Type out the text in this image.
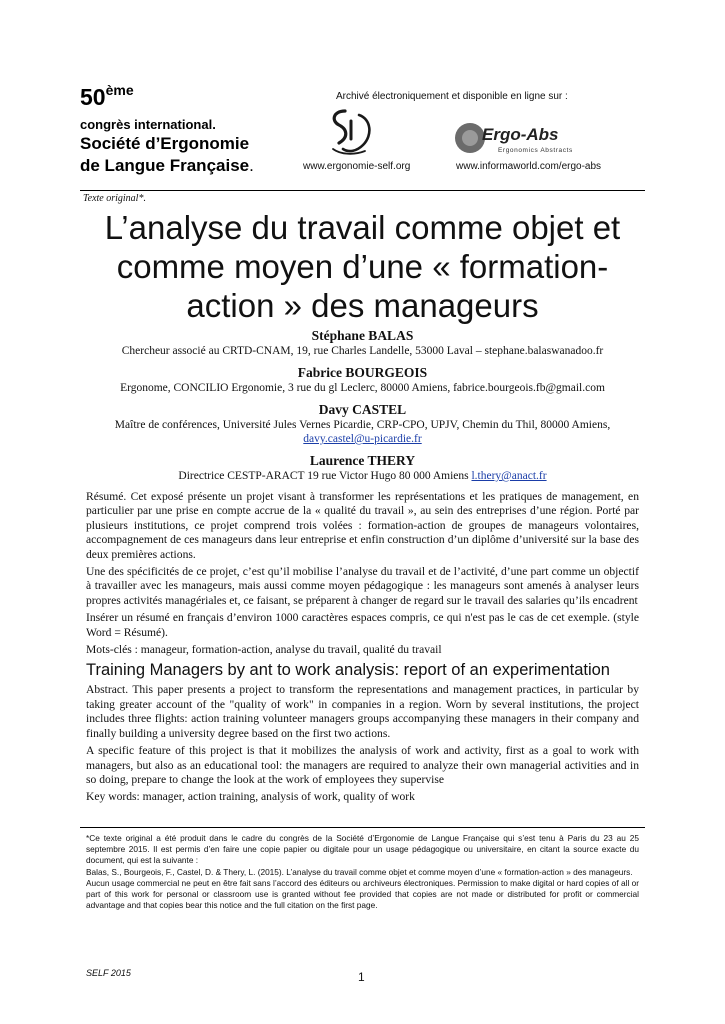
50ème
congrès international.
Société d’Ergonomie
de Langue Française.
Archivé électroniquement et disponible en ligne sur :
Ergo-Abs
Ergonomics Abstracts
www.ergonomie-self.org	www.informaworld.com/ergo-abs
Texte original*.
L’analyse du travail comme objet et comme moyen d’une « formation-action » des manageurs
Stéphane BALAS
Chercheur associé au CRTD-CNAM, 19, rue Charles Landelle, 53000 Laval – stephane.balaswanadoo.fr
Fabrice BOURGEOIS
Ergonome, CONCILIO Ergonomie, 3 rue du gl Leclerc, 80000 Amiens, fabrice.bourgeois.fb@gmail.com
Davy CASTEL
Maître de conférences, Université Jules Vernes Picardie, CRP-CPO, UPJV, Chemin du Thil, 80000 Amiens,
davy.castel@u-picardie.fr
Laurence THERY
Directrice CESTP-ARACT 19 rue Victor Hugo 80 000 Amiens l.thery@anact.fr

Résumé. Cet exposé présente un projet visant à transformer les représentations et les pratiques de management, en particulier par une prise en compte accrue de la « qualité du travail », au sein des entreprises d’une région. Porté par plusieurs institutions, ce projet comprend trois volées : formation-action de groupes de manageurs volontaires, accompagnement de ces manageurs dans leur entreprise et enfin construction d’un diplôme d’université sur la base des deux premières actions.

Une des spécificités de ce projet, c’est qu’il mobilise l’analyse du travail et de l’activité, d’une part comme un objectif à travailler avec les manageurs, mais aussi comme moyen pédagogique : les manageurs sont amenés à analyser leurs propres activités managériales et, ce faisant, se préparent à changer de regard sur le travail des salaries qu’ils encadrent

Insérer un résumé en français d’environ 1000 caractères espaces compris, ce qui n'est pas le cas de cet exemple. (style Word = Résumé).

Mots-clés : manageur, formation-action, analyse du travail, qualité du travail

Training Managers by ant to work analysis: report of an experimentation

Abstract. This paper presents a project to transform the representations and management practices, in particular by taking greater account of the "quality of work" in companies in a region. Worn by several institutions, the project includes three flights: action training volunteer managers groups accompanying these managers in their company and finally building a university degree based on the first two actions.

A specific feature of this project is that it mobilizes the analysis of work and activity, first as a goal to work with managers, but also as an educational tool: the managers are required to analyze their own managerial activities and in so doing, prepare to change the look at the work of employees they supervise

Key words: manager, action training, analysis of work, quality of work

*Ce texte original a été produit dans le cadre du congrès de la Société d’Ergonomie de Langue Française qui s’est tenu à Paris du 23 au 25 septembre 2015. Il est permis d’en faire une copie papier ou digitale pour un usage pédagogique ou universitaire, en citant la source exacte du document, qui est la suivante :
Balas, S., Bourgeois, F., Castel, D. & Thery, L. (2015). L’analyse du travail comme objet et comme moyen d’une « formation-action » des manageurs.
Aucun usage commercial ne peut en être fait sans l’accord des éditeurs ou archiveurs électroniques. Permission to make digital or hard copies of all or part of this work for personal or classroom use is granted without fee provided that copies are not made or distributed for profit or commercial advantage and that copies bear this notice and the full citation on the first page.
SELF 2015	1
